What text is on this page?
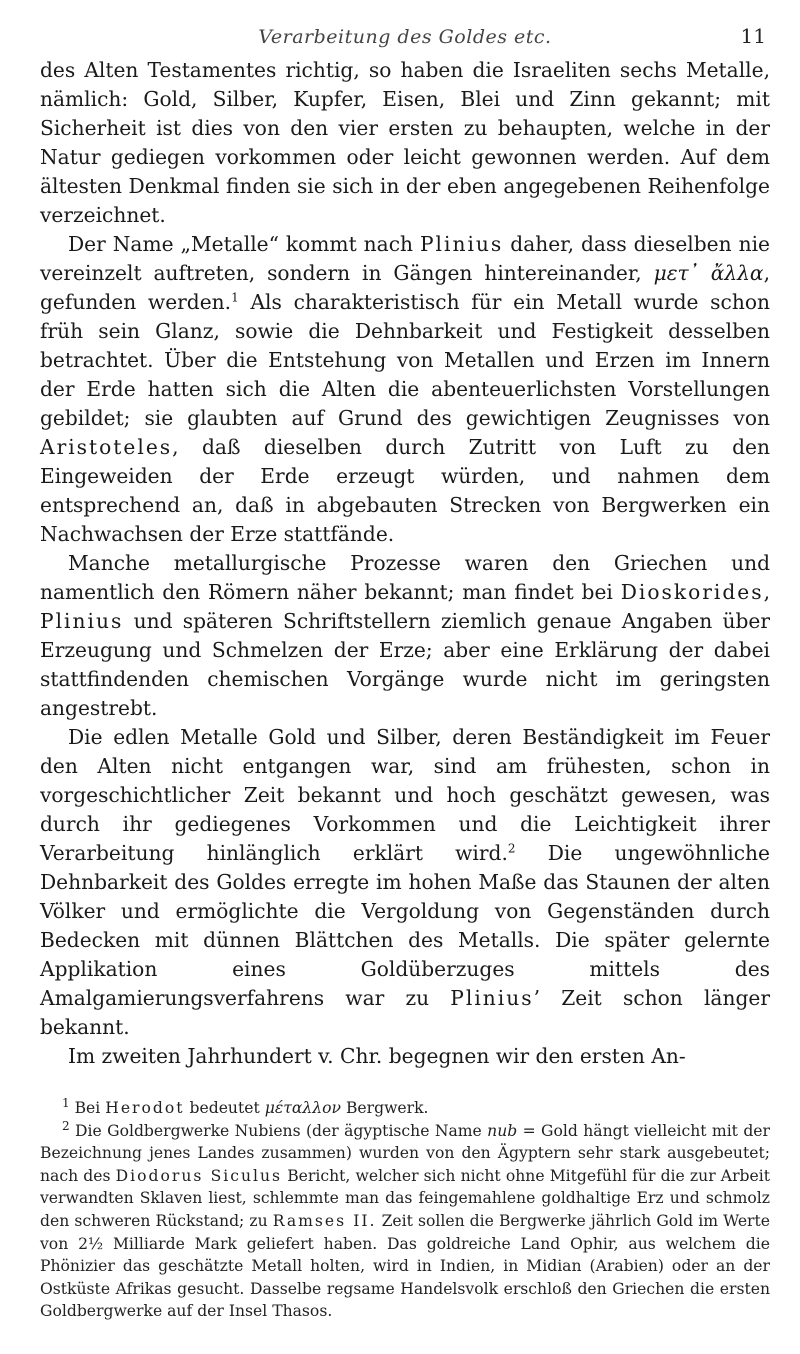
Verarbeitung des Goldes etc.	11

des Alten Testamentes richtig, so haben die Israeliten sechs Metalle, nämlich: Gold, Silber, Kupfer, Eisen, Blei und Zinn gekannt; mit Sicherheit ist dies von den vier ersten zu behaupten, welche in der Natur gediegen vorkommen oder leicht gewonnen werden. Auf dem ältesten Denkmal finden sie sich in der eben angegebenen Reihenfolge verzeichnet.

Der Name „Metalle“ kommt nach Plinius daher, dass dieselben nie vereinzelt auftreten, sondern in Gängen hintereinander, μετ᾽ ἄλλα, gefunden werden.$^1$ Als charakteristisch für ein Metall wurde schon früh sein Glanz, sowie die Dehnbarkeit und Festigkeit desselben betrachtet. Über die Entstehung von Metallen und Erzen im Innern der Erde hatten sich die Alten die abenteuerlichsten Vorstellungen gebildet; sie glaubten auf Grund des gewichtigen Zeugnisses von Aristoteles, daß dieselben durch Zutritt von Luft zu den Eingeweiden der Erde erzeugt würden, und nahmen dem entsprechend an, daß in abgebauten Strecken von Bergwerken ein Nachwachsen der Erze stattfände.

Manche metallurgische Prozesse waren den Griechen und namentlich den Römern näher bekannt; man findet bei Dioskorides, Plinius und späteren Schriftstellern ziemlich genaue Angaben über Erzeugung und Schmelzen der Erze; aber eine Erklärung der dabei stattfindenden chemischen Vorgänge wurde nicht im geringsten angestrebt.

Die edlen Metalle Gold und Silber, deren Beständigkeit im Feuer den Alten nicht entgangen war, sind am frühesten, schon in vorgeschichtlicher Zeit bekannt und hoch geschätzt gewesen, was durch ihr gediegenes Vorkommen und die Leichtigkeit ihrer Verarbeitung hinlänglich erklärt wird.$^2$ Die ungewöhnliche Dehnbarkeit des Goldes erregte im hohen Maße das Staunen der alten Völker und ermöglichte die Vergoldung von Gegenständen durch Bedecken mit dünnen Blättchen des Metalls. Die später gelernte Applikation eines Goldüberzuges mittels des Amalgamierungsverfahrens war zu Plinius’ Zeit schon länger bekannt.

Im zweiten Jahrhundert v. Chr. begegnen wir den ersten An-

$^1$ Bei Herodot bedeutet μέταλλον Bergwerk.

$^2$ Die Goldbergwerke Nubiens (der ägyptische Name nub = Gold hängt vielleicht mit der Bezeichnung jenes Landes zusammen) wurden von den Ägyptern sehr stark ausgebeutet; nach des Diodorus Siculus Bericht, welcher sich nicht ohne Mitgefühl für die zur Arbeit verwandten Sklaven liest, schlemmte man das feingemahlene goldhaltige Erz und schmolz den schweren Rückstand; zu Ramses II. Zeit sollen die Bergwerke jährlich Gold im Werte von 2½ Milliarde Mark geliefert haben. Das goldreiche Land Ophir, aus welchem die Phönizier das geschätzte Metall holten, wird in Indien, in Midian (Arabien) oder an der Ostküste Afrikas gesucht. Dasselbe regsame Handelsvolk erschloß den Griechen die ersten Goldbergwerke auf der Insel Thasos.
